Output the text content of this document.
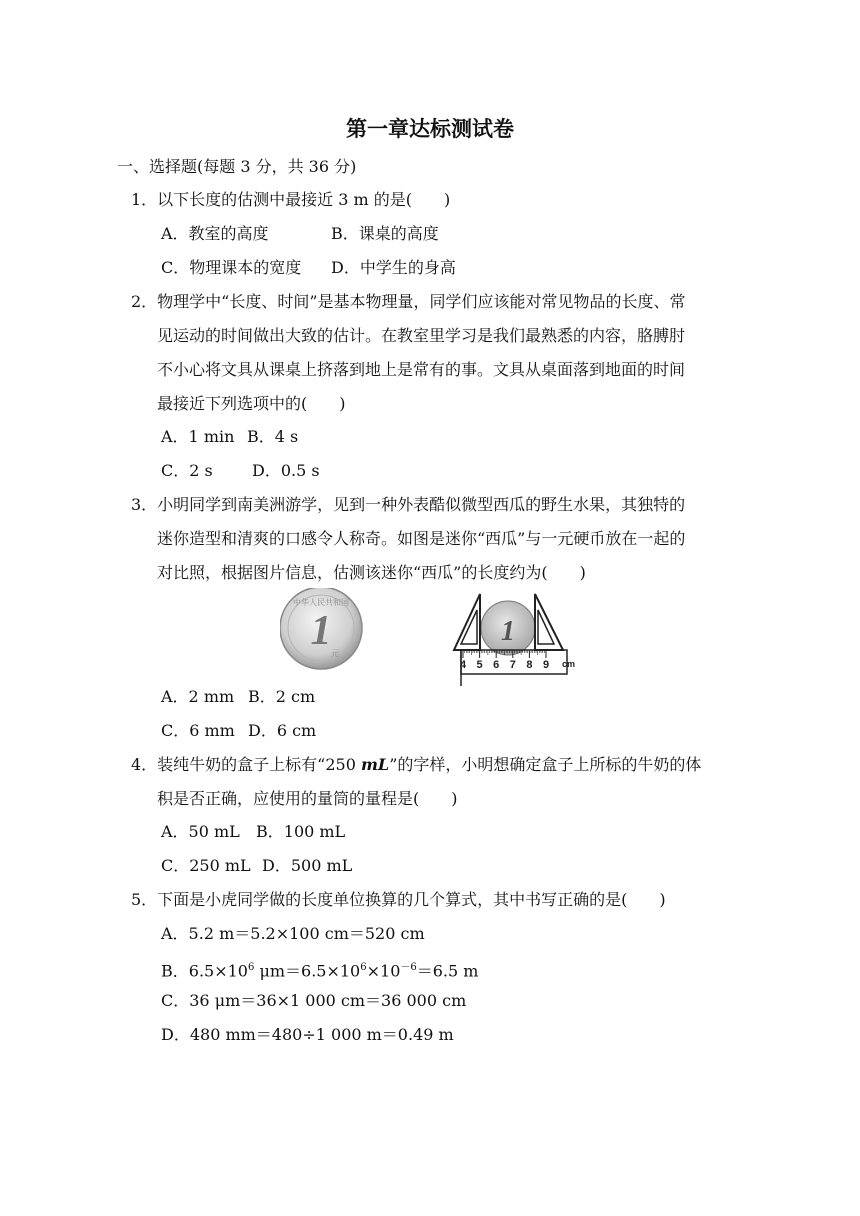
第一章达标测试卷
一、选择题(每题 3 分，共 36 分)
1．以下长度的估测中最接近 3 m 的是(　　)
A．教室的高度	B．课桌的高度
C．物理课本的宽度 D．中学生的身高
2．物理学中“长度、时间”是基本物理量，同学们应该能对常见物品的长度、常
见运动的时间做出大致的估计。在教室里学习是我们最熟悉的内容，胳膊肘
不小心将文具从课桌上挤落到地上是常有的事。文具从桌面落到地面的时间
最接近下列选项中的(　　)
A．1 min B．4 s
C．2 s D．0.5 s
3．小明同学到南美洲游学，见到一种外表酷似微型西瓜的野生水果，其独特的
迷你造型和清爽的口感令人称奇。如图是迷你“西瓜”与一元硬币放在一起的
对比照，根据图片信息，估测该迷你“西瓜”的长度约为(　　)
1
中华人民共和国
元
1
4 5 6 7 8 9 cm
A．2 mm B．2 cm
C．6 mm D．6 cm
4．装纯牛奶的盒子上标有“250 mL”的字样，小明想确定盒子上所标的牛奶的体
积是否正确，应使用的量筒的量程是(　　)
A．50 mL B．100 mL
C．250 mL D．500 mL
5．下面是小虎同学做的长度单位换算的几个算式，其中书写正确的是(　　)
A．5.2 m＝5.2×100 cm＝520 cm
B．$6.5\times 10^6$ $\mu m=6.5\times 10^6\times 10^{-6}=6.5$ m
C．36 μm＝36×1 000 cm＝36 000 cm
D．480 mm＝480÷1 000 m＝0.49 m
